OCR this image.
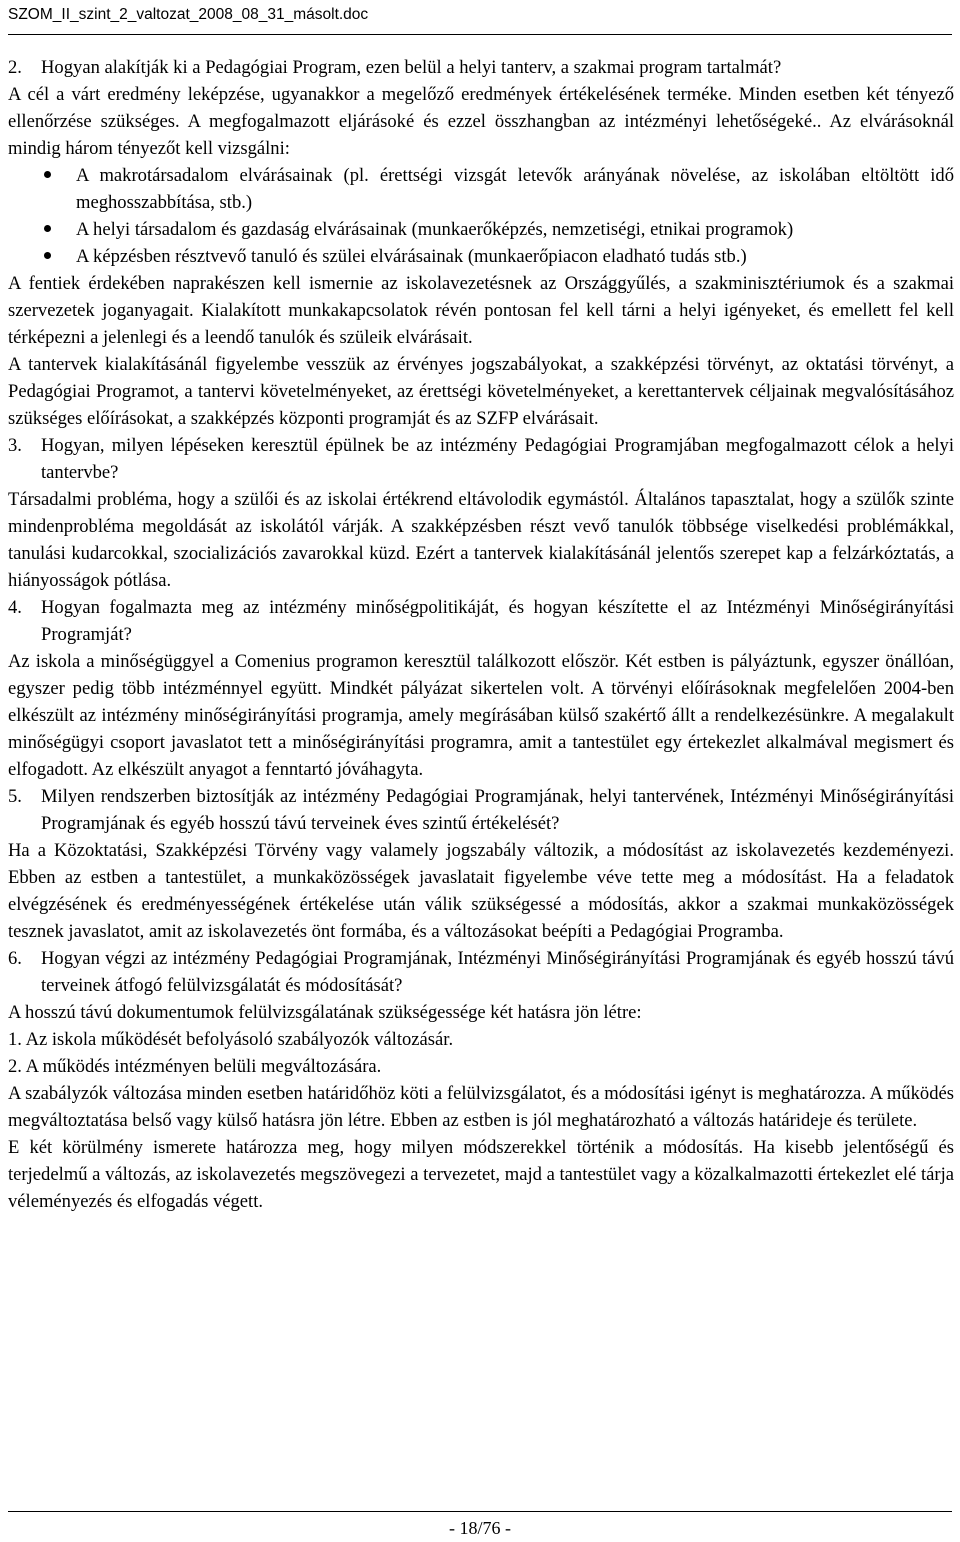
SZOM_II_szint_2_valtozat_2008_08_31_másolt.doc
2.	Hogyan alakítják ki a Pedagógiai Program, ezen belül a helyi tanterv, a szakmai program tartalmát?

A cél a várt eredmény leképzése, ugyanakkor a megelőző eredmények értékelésének terméke. Minden esetben két tényező ellenőrzése szükséges. A megfogalmazott eljárásoké és ezzel összhangban az intézményi lehetőségeké.. Az elvárásoknál mindig három tényezőt kell vizsgálni:

A makrotársadalom elvárásainak (pl. érettségi vizsgát letevők arányának növelése, az iskolában eltöltött idő meghosszabbítása, stb.)
A helyi társadalom és gazdaság elvárásainak (munkaerőképzés, nemzetiségi, etnikai programok)
A képzésben résztvevő tanuló és szülei elvárásainak (munkaerőpiacon eladható tudás stb.)

A fentiek érdekében naprakészen kell ismernie az iskolavezetésnek az Országgyűlés, a szakminisztériumok és a szakmai szervezetek joganyagait. Kialakított munkakapcsolatok révén pontosan fel kell tárni a helyi igényeket, és emellett fel kell térképezni a jelenlegi és a leendő tanulók és szüleik elvárásait.

A tantervek kialakításánál figyelembe vesszük az érvényes jogszabályokat, a szakképzési törvényt, az oktatási törvényt, a Pedagógiai Programot, a tantervi követelményeket, az érettségi követelményeket, a kerettantervek céljainak megvalósításához szükséges előírásokat, a szakképzés központi programját és az SZFP elvárásait.

3.	Hogyan, milyen lépéseken keresztül épülnek be az intézmény Pedagógiai Programjában megfogalmazott célok a helyi tantervbe?

Társadalmi probléma, hogy a szülői és az iskolai értékrend eltávolodik egymástól. Általános tapasztalat, hogy a szülők szinte mindenprobléma megoldását az iskolától várják. A szakképzésben részt vevő tanulók többsége viselkedési problémákkal, tanulási kudarcokkal, szocializációs zavarokkal küzd. Ezért a tantervek kialakításánál jelentős szerepet kap a felzárkóztatás, a hiányosságok pótlása.

4.	Hogyan fogalmazta meg az intézmény minőségpolitikáját, és hogyan készítette el az Intézményi Minőségirányítási Programját?

Az iskola a minőségüggyel a Comenius programon keresztül találkozott először. Két estben is pályáztunk, egyszer önállóan, egyszer pedig több intézménnyel együtt. Mindkét pályázat sikertelen volt. A törvényi előírásoknak megfelelően 2004-ben elkészült az intézmény minőségirányítási programja, amely megírásában külső szakértő állt a rendelkezésünkre. A megalakult minőségügyi csoport javaslatot tett a minőségirányítási programra, amit a tantestület egy értekezlet alkalmával megismert és elfogadott. Az elkészült anyagot a fenntartó jóváhagyta.

5.	Milyen rendszerben biztosítják az intézmény Pedagógiai Programjának, helyi tantervének, Intézményi Minőségirányítási Programjának és egyéb hosszú távú terveinek éves szintű értékelését?

Ha a Közoktatási, Szakképzési Törvény vagy valamely jogszabály változik, a módosítást az iskolavezetés kezdeményezi. Ebben az estben a tantestület, a munkaközösségek javaslatait figyelembe véve tette meg a módosítást. Ha a feladatok elvégzésének és eredményességének értékelése után válik szükségessé a módosítás, akkor a szakmai munkaközösségek tesznek javaslatot, amit az iskolavezetés önt formába, és a változásokat beépíti a Pedagógiai Programba.

6.	Hogyan végzi az intézmény Pedagógiai Programjának, Intézményi Minőségirányítási Programjának és egyéb hosszú távú terveinek átfogó felülvizsgálatát és módosítását?

A hosszú távú dokumentumok felülvizsgálatának szükségessége két hatásra jön létre:

1. Az iskola működését befolyásoló szabályozók változásár.

2. A működés intézményen belüli megváltozására.

A szabályzók változása minden esetben határidőhöz köti a felülvizsgálatot, és a módosítási igényt is meghatározza. A működés megváltoztatása belső vagy külső hatásra jön létre. Ebben az estben is jól meghatározható a változás határideje és területe.

E két körülmény ismerete határozza meg, hogy milyen módszerekkel történik a módosítás. Ha kisebb jelentőségű és terjedelmű a változás, az iskolavezetés megszövegezi a tervezetet, majd a tantestület vagy a közalkalmazotti értekezlet elé tárja véleményezés és elfogadás végett.

- 18/76 -
